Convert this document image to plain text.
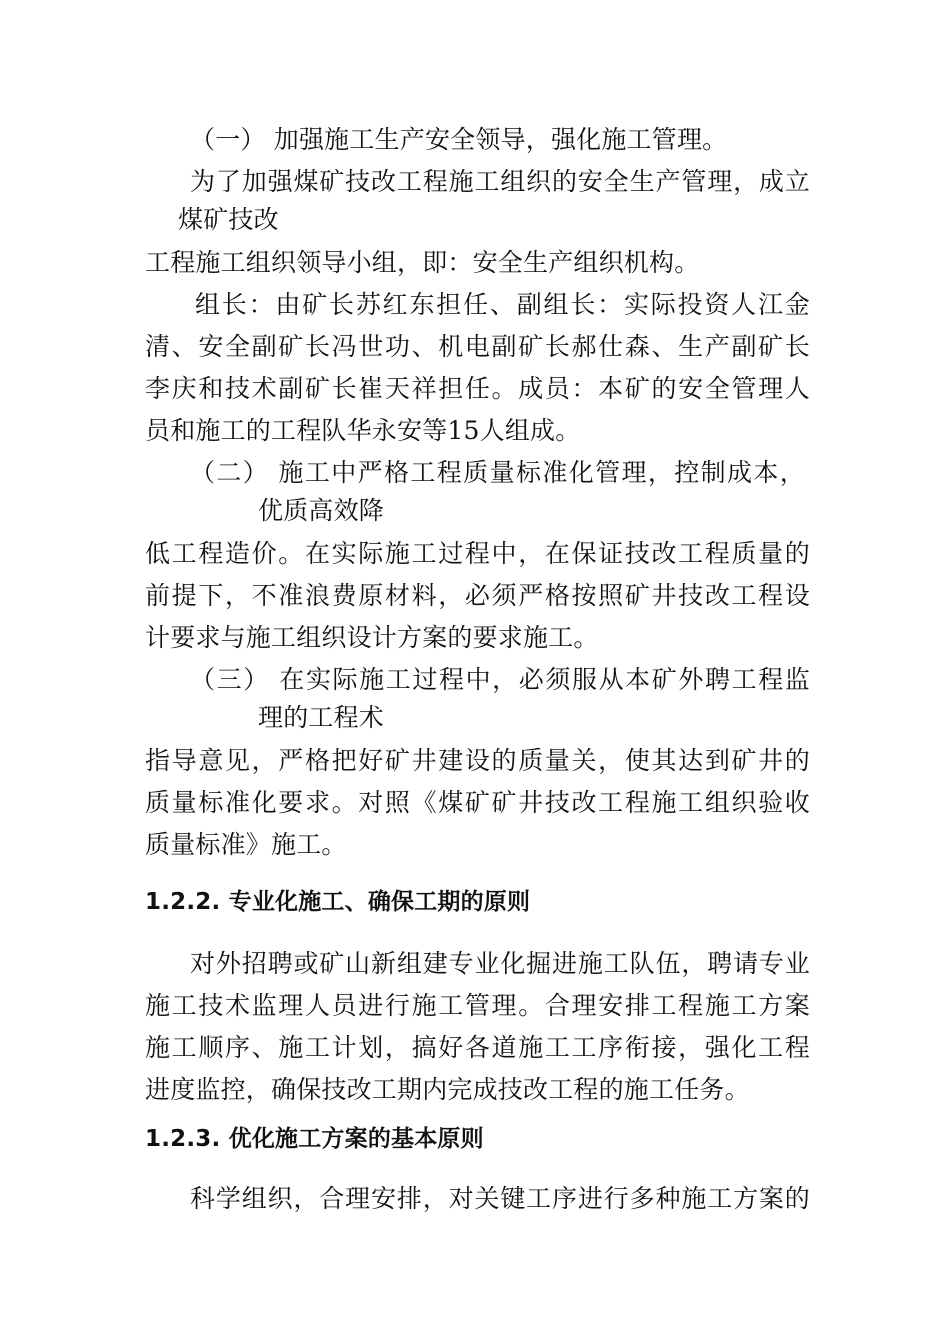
（一） 加强施工生产安全领导，强化施工管理。
为了加强煤矿技改工程施工组织的安全生产管理，成立
煤矿技改
工程施工组织领导小组，即：安全生产组织机构。
组长：由矿长苏红东担任、副组长：实际投资人江金
清、安全副矿长冯世功、机电副矿长郝仕森、生产副矿长
李庆和技术副矿长崔天祥担任。成员：本矿的安全管理人
员和施工的工程队华永安等15人组成。
（二） 施工中严格工程质量标准化管理，控制成本，
优质高效降
低工程造价。在实际施工过程中，在保证技改工程质量的
前提下，不准浪费原材料，必须严格按照矿井技改工程设
计要求与施工组织设计方案的要求施工。
（三） 在实际施工过程中，必须服从本矿外聘工程监
理的工程术
指导意见，严格把好矿井建设的质量关，使其达到矿井的
质量标准化要求。对照《煤矿矿井技改工程施工组织验收
质量标准》施工。
1.2.2. 专业化施工、确保工期的原则
对外招聘或矿山新组建专业化掘进施工队伍，聘请专业
施工技术监理人员进行施工管理。合理安排工程施工方案
施工顺序、施工计划，搞好各道施工工序衔接，强化工程
进度监控，确保技改工期内完成技改工程的施工任务。
1.2.3. 优化施工方案的基本原则
科学组织，合理安排，对关键工序进行多种施工方案的
